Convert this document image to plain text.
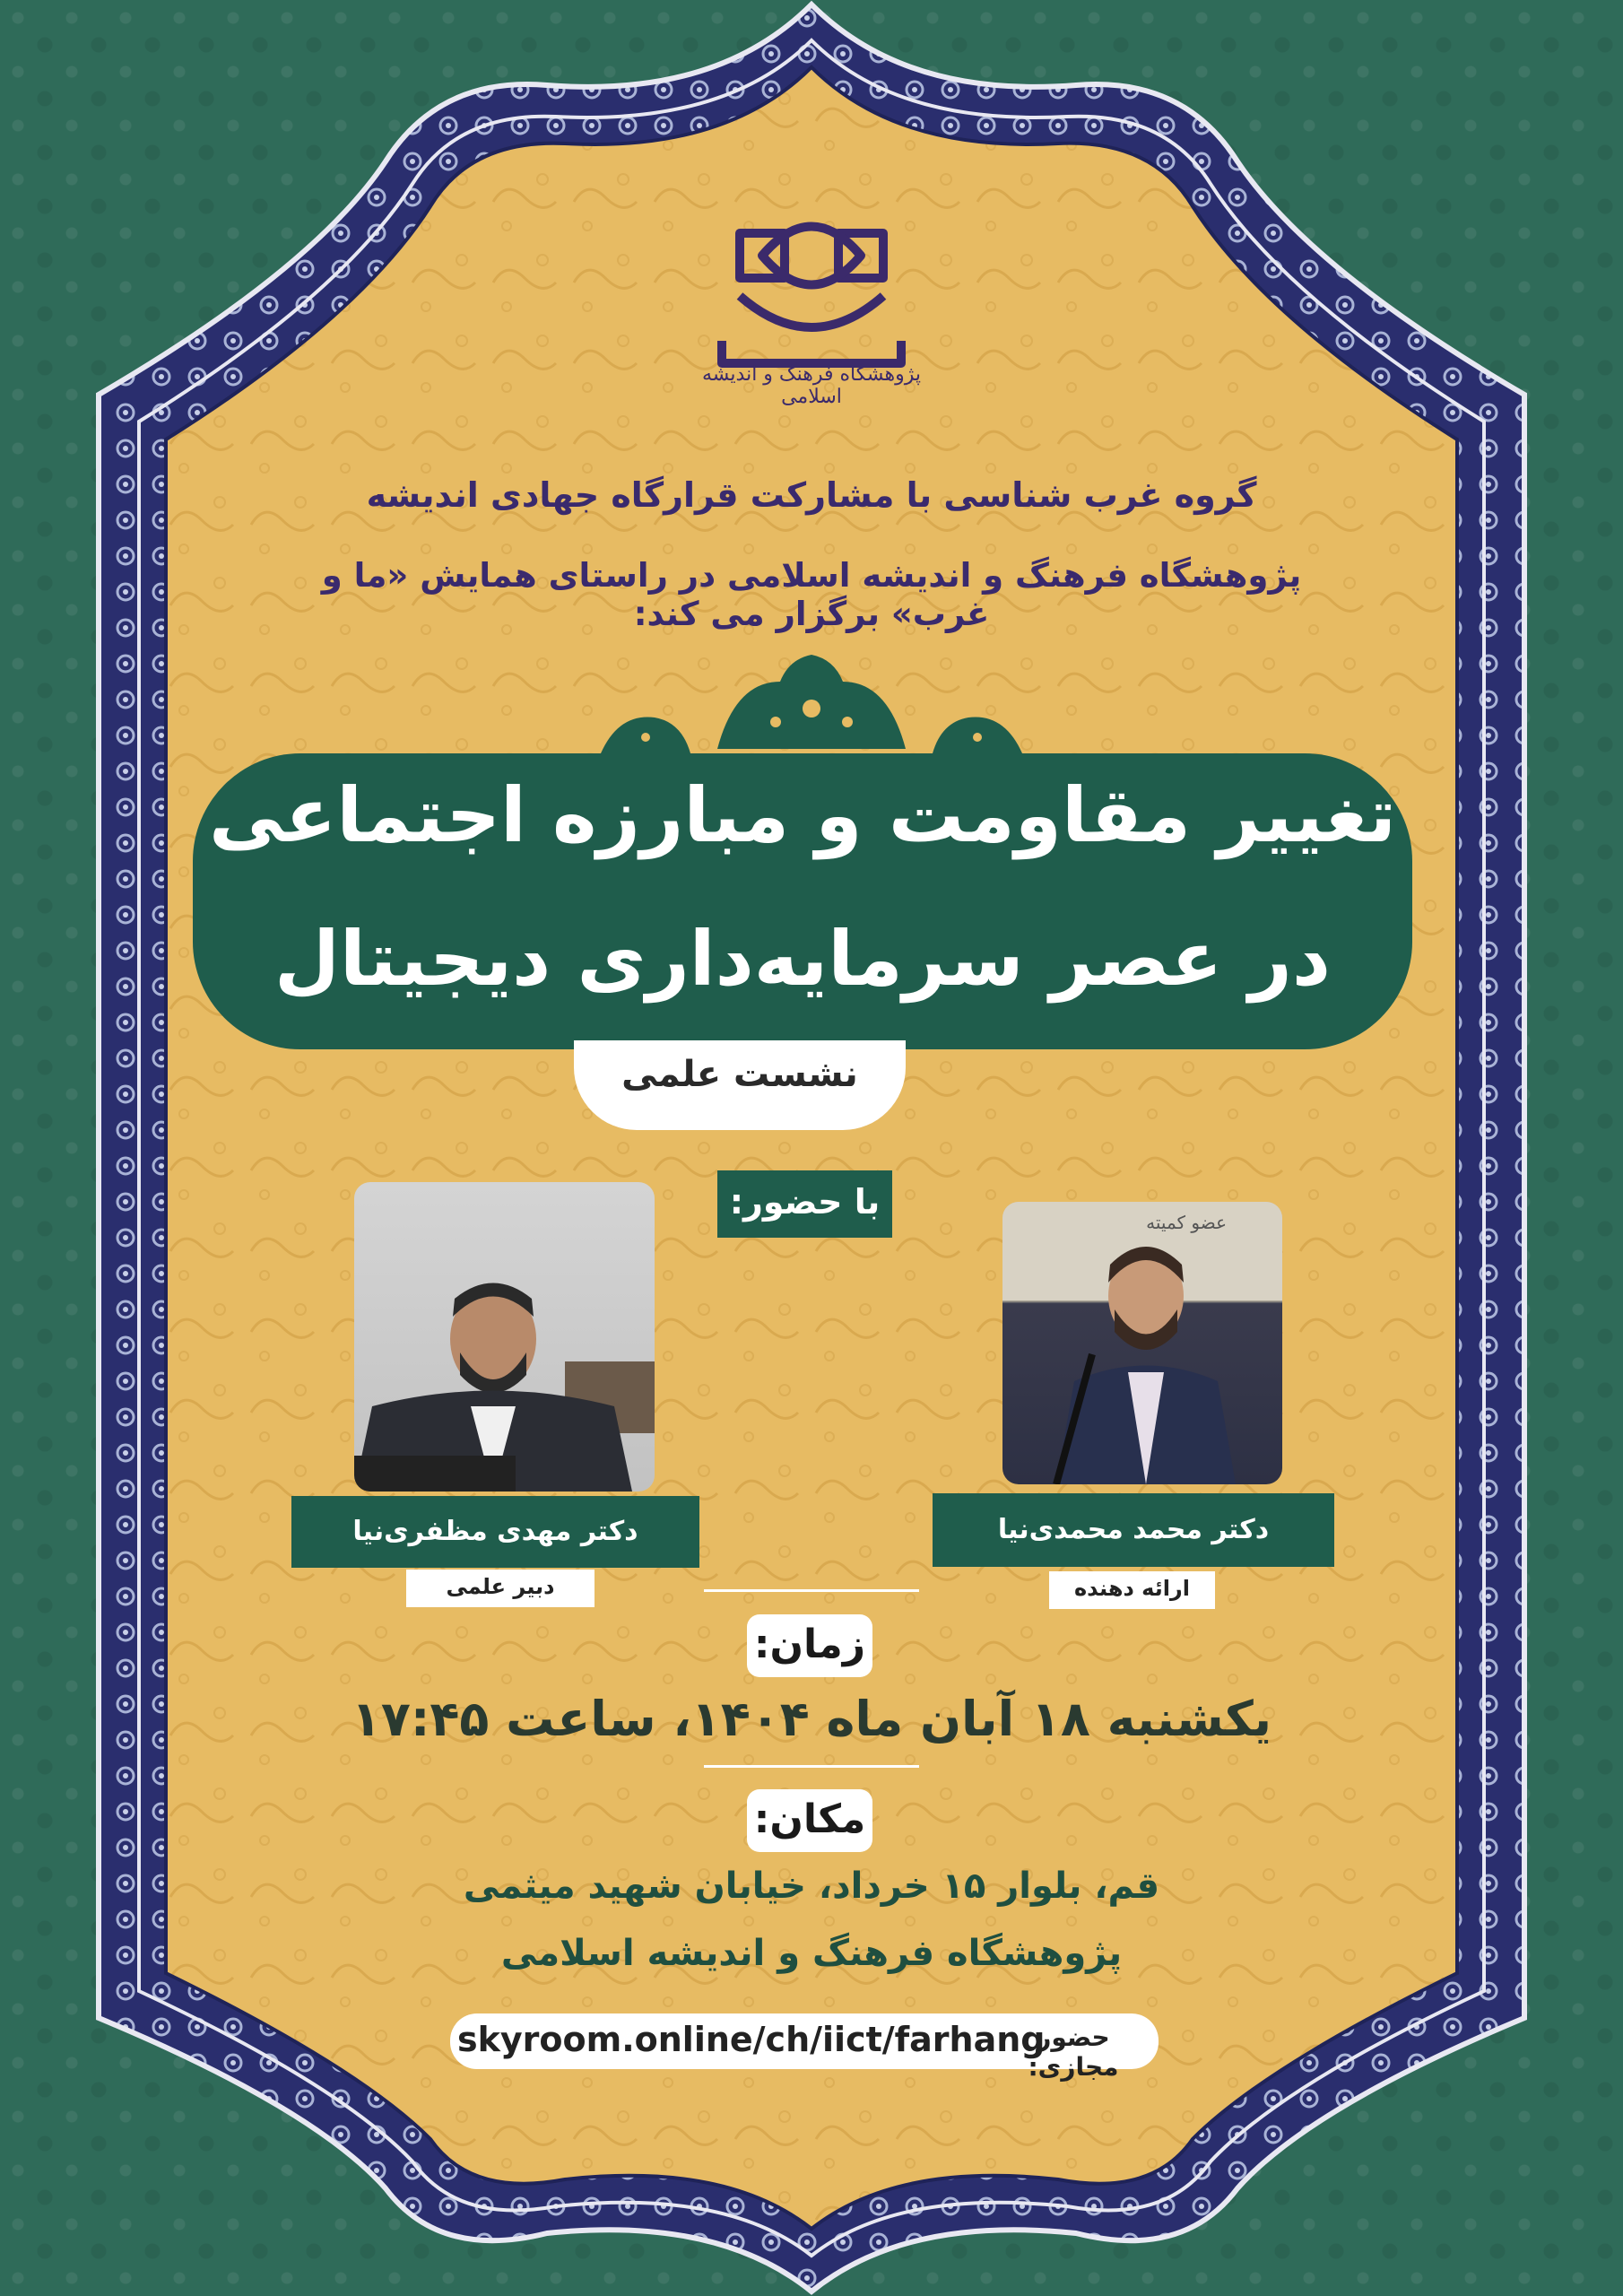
پژوهشگاه فرهنگ و اندیشه اسلامی
گروه غرب شناسی با مشارکت قرارگاه جهادی اندیشه
پژوهشگاه فرهنگ و اندیشه اسلامی در راستای همایش «ما و غرب» برگزار می کند:
تغییر مقاومت و مبارزه اجتماعی
در عصر سرمایه‌داری دیجیتال
نشست علمی
با حضور:
عضو کمیته
دکتر محمد محمدی‌نیا
ارائه دهنده
دکتر مهدی مظفری‌نیا
دبیر علمی
زمان:
یکشنبه ۱۸ آبان ماه ۱۴۰۴، ساعت ۱۷:۴۵
مکان:
قم، بلوار ۱۵ خرداد، خیابان شهید میثمی
پژوهشگاه فرهنگ و اندیشه اسلامی
حضور مجازی:
skyroom.online/ch/iict/farhang
